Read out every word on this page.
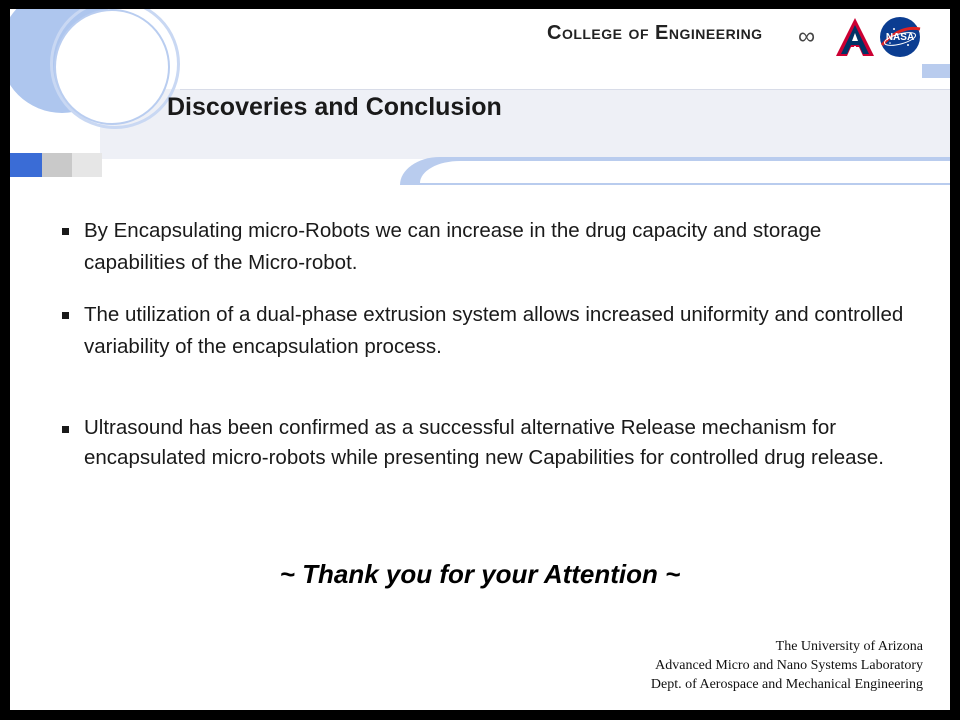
College of Engineering ∞	A
NASA
Discoveries and Conclusion
By Encapsulating micro-Robots we can increase in the drug capacity and storage capabilities of the Micro-robot.
The utilization of a dual-phase extrusion system allows increased uniformity and controlled variability of the encapsulation process.
Ultrasound has been confirmed as a successful alternative Release mechanism for encapsulated micro-robots while presenting new Capabilities for controlled drug release.
~ Thank you for your Attention ~
The University of Arizona
Advanced Micro and Nano Systems Laboratory
Dept. of Aerospace and Mechanical Engineering
